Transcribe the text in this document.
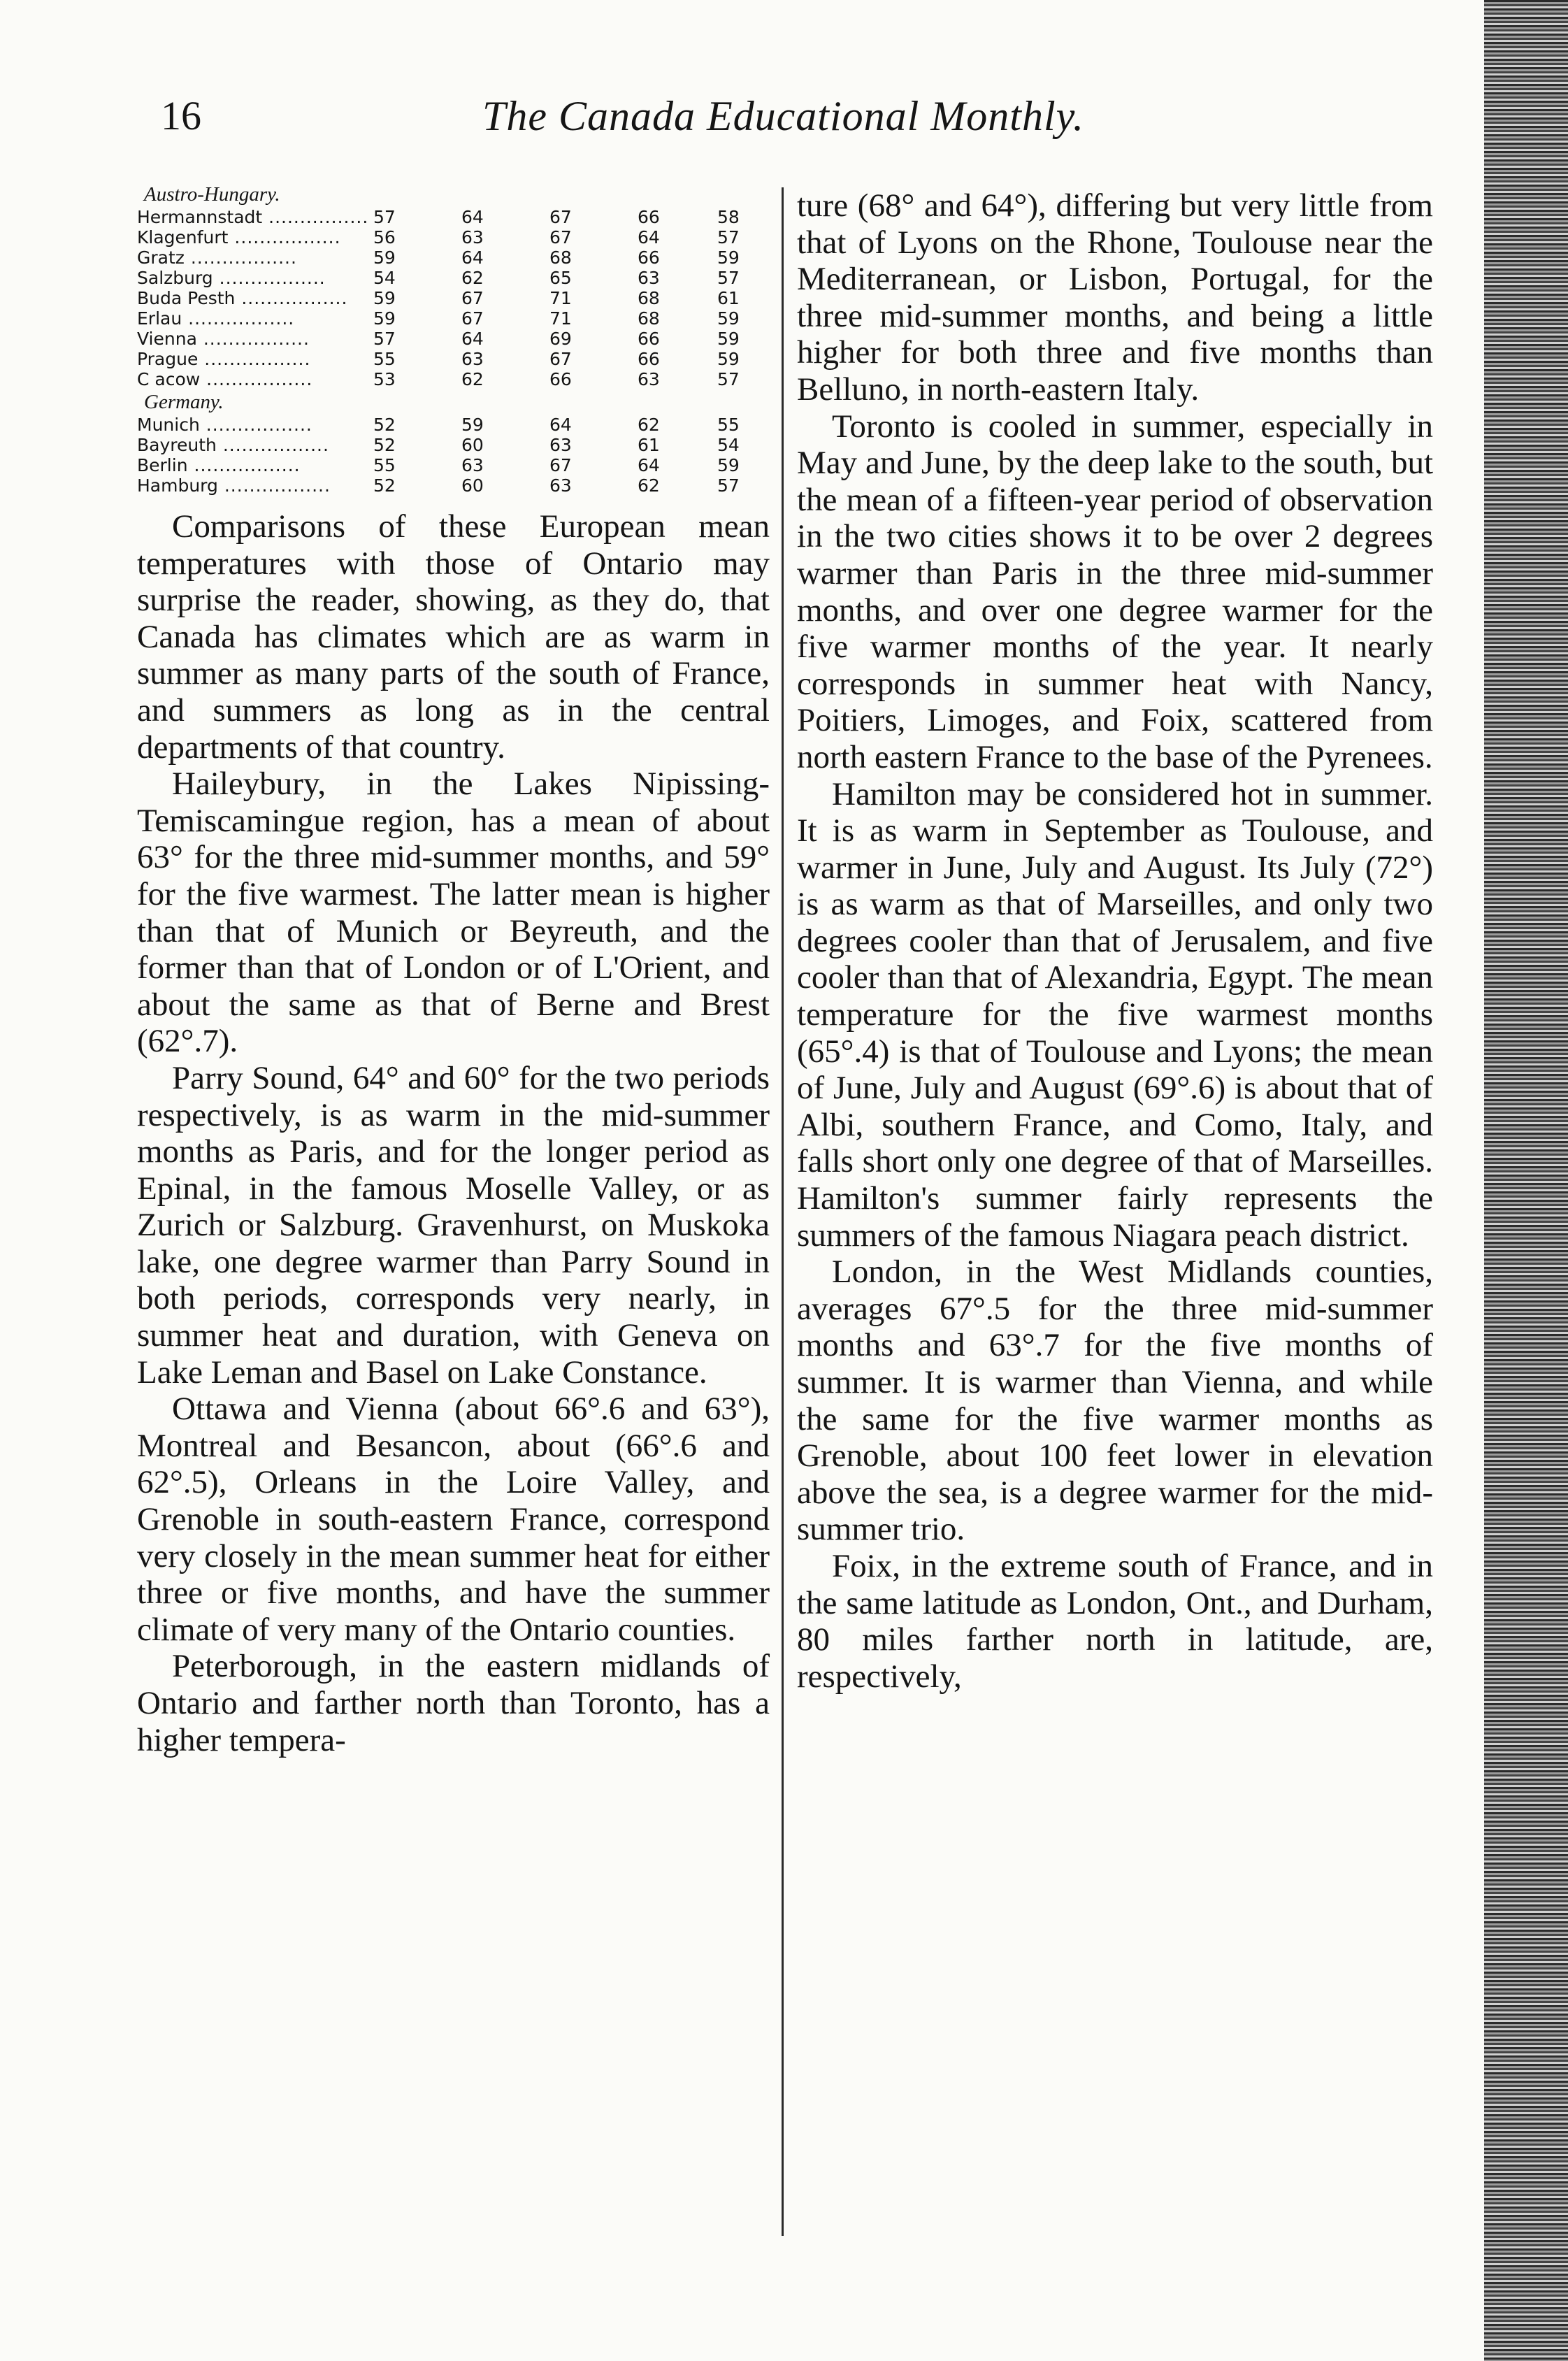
16	The Canada Educational Monthly.
Austro-Hungary.
Hermannstadt .....	57	64	67	66	58
Klagenfurt .....	56	63	67	64	57
Gratz .....	59	64	68	66	59
Salzburg .....	54	62	65	63	57
Buda Pesth .....	59	67	71	68	61
Erlau .....	59	67	71	68	59
Vienna .....	57	64	69	66	59
Prague .....	55	63	67	66	59
C acow .....	53	62	66	63	57
Germany.
Munich .....	52	59	64	62	55
Bayreuth .....	52	60	63	61	54
Berlin .....	55	63	67	64	59
Hamburg .....	52	60	63	62	57

Comparisons of these European mean temperatures with those of Ontario may surprise the reader, showing, as they do, that Canada has climates which are as warm in summer as many parts of the south of France, and summers as long as in the central departments of that country.

Haileybury, in the Lakes Nipissing-Temiscamingue region, has a mean of about 63° for the three mid-summer months, and 59° for the five warmest. The latter mean is higher than that of Munich or Beyreuth, and the former than that of London or of L'Orient, and about the same as that of Berne and Brest (62°.7).

Parry Sound, 64° and 60° for the two periods respectively, is as warm in the mid-summer months as Paris, and for the longer period as Epinal, in the famous Moselle Valley, or as Zurich or Salzburg. Gravenhurst, on Muskoka lake, one degree warmer than Parry Sound in both periods, corresponds very nearly, in summer heat and duration, with Geneva on Lake Leman and Basel on Lake Constance.

Ottawa and Vienna (about 66°.6 and 63°), Montreal and Besancon, about (66°.6 and 62°.5), Orleans in the Loire Valley, and Grenoble in south-eastern France, correspond very closely in the mean summer heat for either three or five months, and have the summer climate of very many of the Ontario counties.

Peterborough, in the eastern midlands of Ontario and farther north than Toronto, has a higher tempera-

ture (68° and 64°), differing but very little from that of Lyons on the Rhone, Toulouse near the Mediterranean, or Lisbon, Portugal, for the three mid-summer months, and being a little higher for both three and five months than Belluno, in north-eastern Italy.

Toronto is cooled in summer, especially in May and June, by the deep lake to the south, but the mean of a fifteen-year period of observation in the two cities shows it to be over 2 degrees warmer than Paris in the three mid-summer months, and over one degree warmer for the five warmer months of the year. It nearly corresponds in summer heat with Nancy, Poitiers, Limoges, and Foix, scattered from north eastern France to the base of the Pyrenees.

Hamilton may be considered hot in summer. It is as warm in September as Toulouse, and warmer in June, July and August. Its July (72°) is as warm as that of Marseilles, and only two degrees cooler than that of Jerusalem, and five cooler than that of Alexandria, Egypt. The mean temperature for the five warmest months (65°.4) is that of Toulouse and Lyons; the mean of June, July and August (69°.6) is about that of Albi, southern France, and Como, Italy, and falls short only one degree of that of Marseilles. Hamilton's summer fairly represents the summers of the famous Niagara peach district.

London, in the West Midlands counties, averages 67°.5 for the three mid-summer months and 63°.7 for the five months of summer. It is warmer than Vienna, and while the same for the five warmer months as Grenoble, about 100 feet lower in elevation above the sea, is a degree warmer for the mid-summer trio.

Foix, in the extreme south of France, and in the same latitude as London, Ont., and Durham, 80 miles farther north in latitude, are, respectively,
